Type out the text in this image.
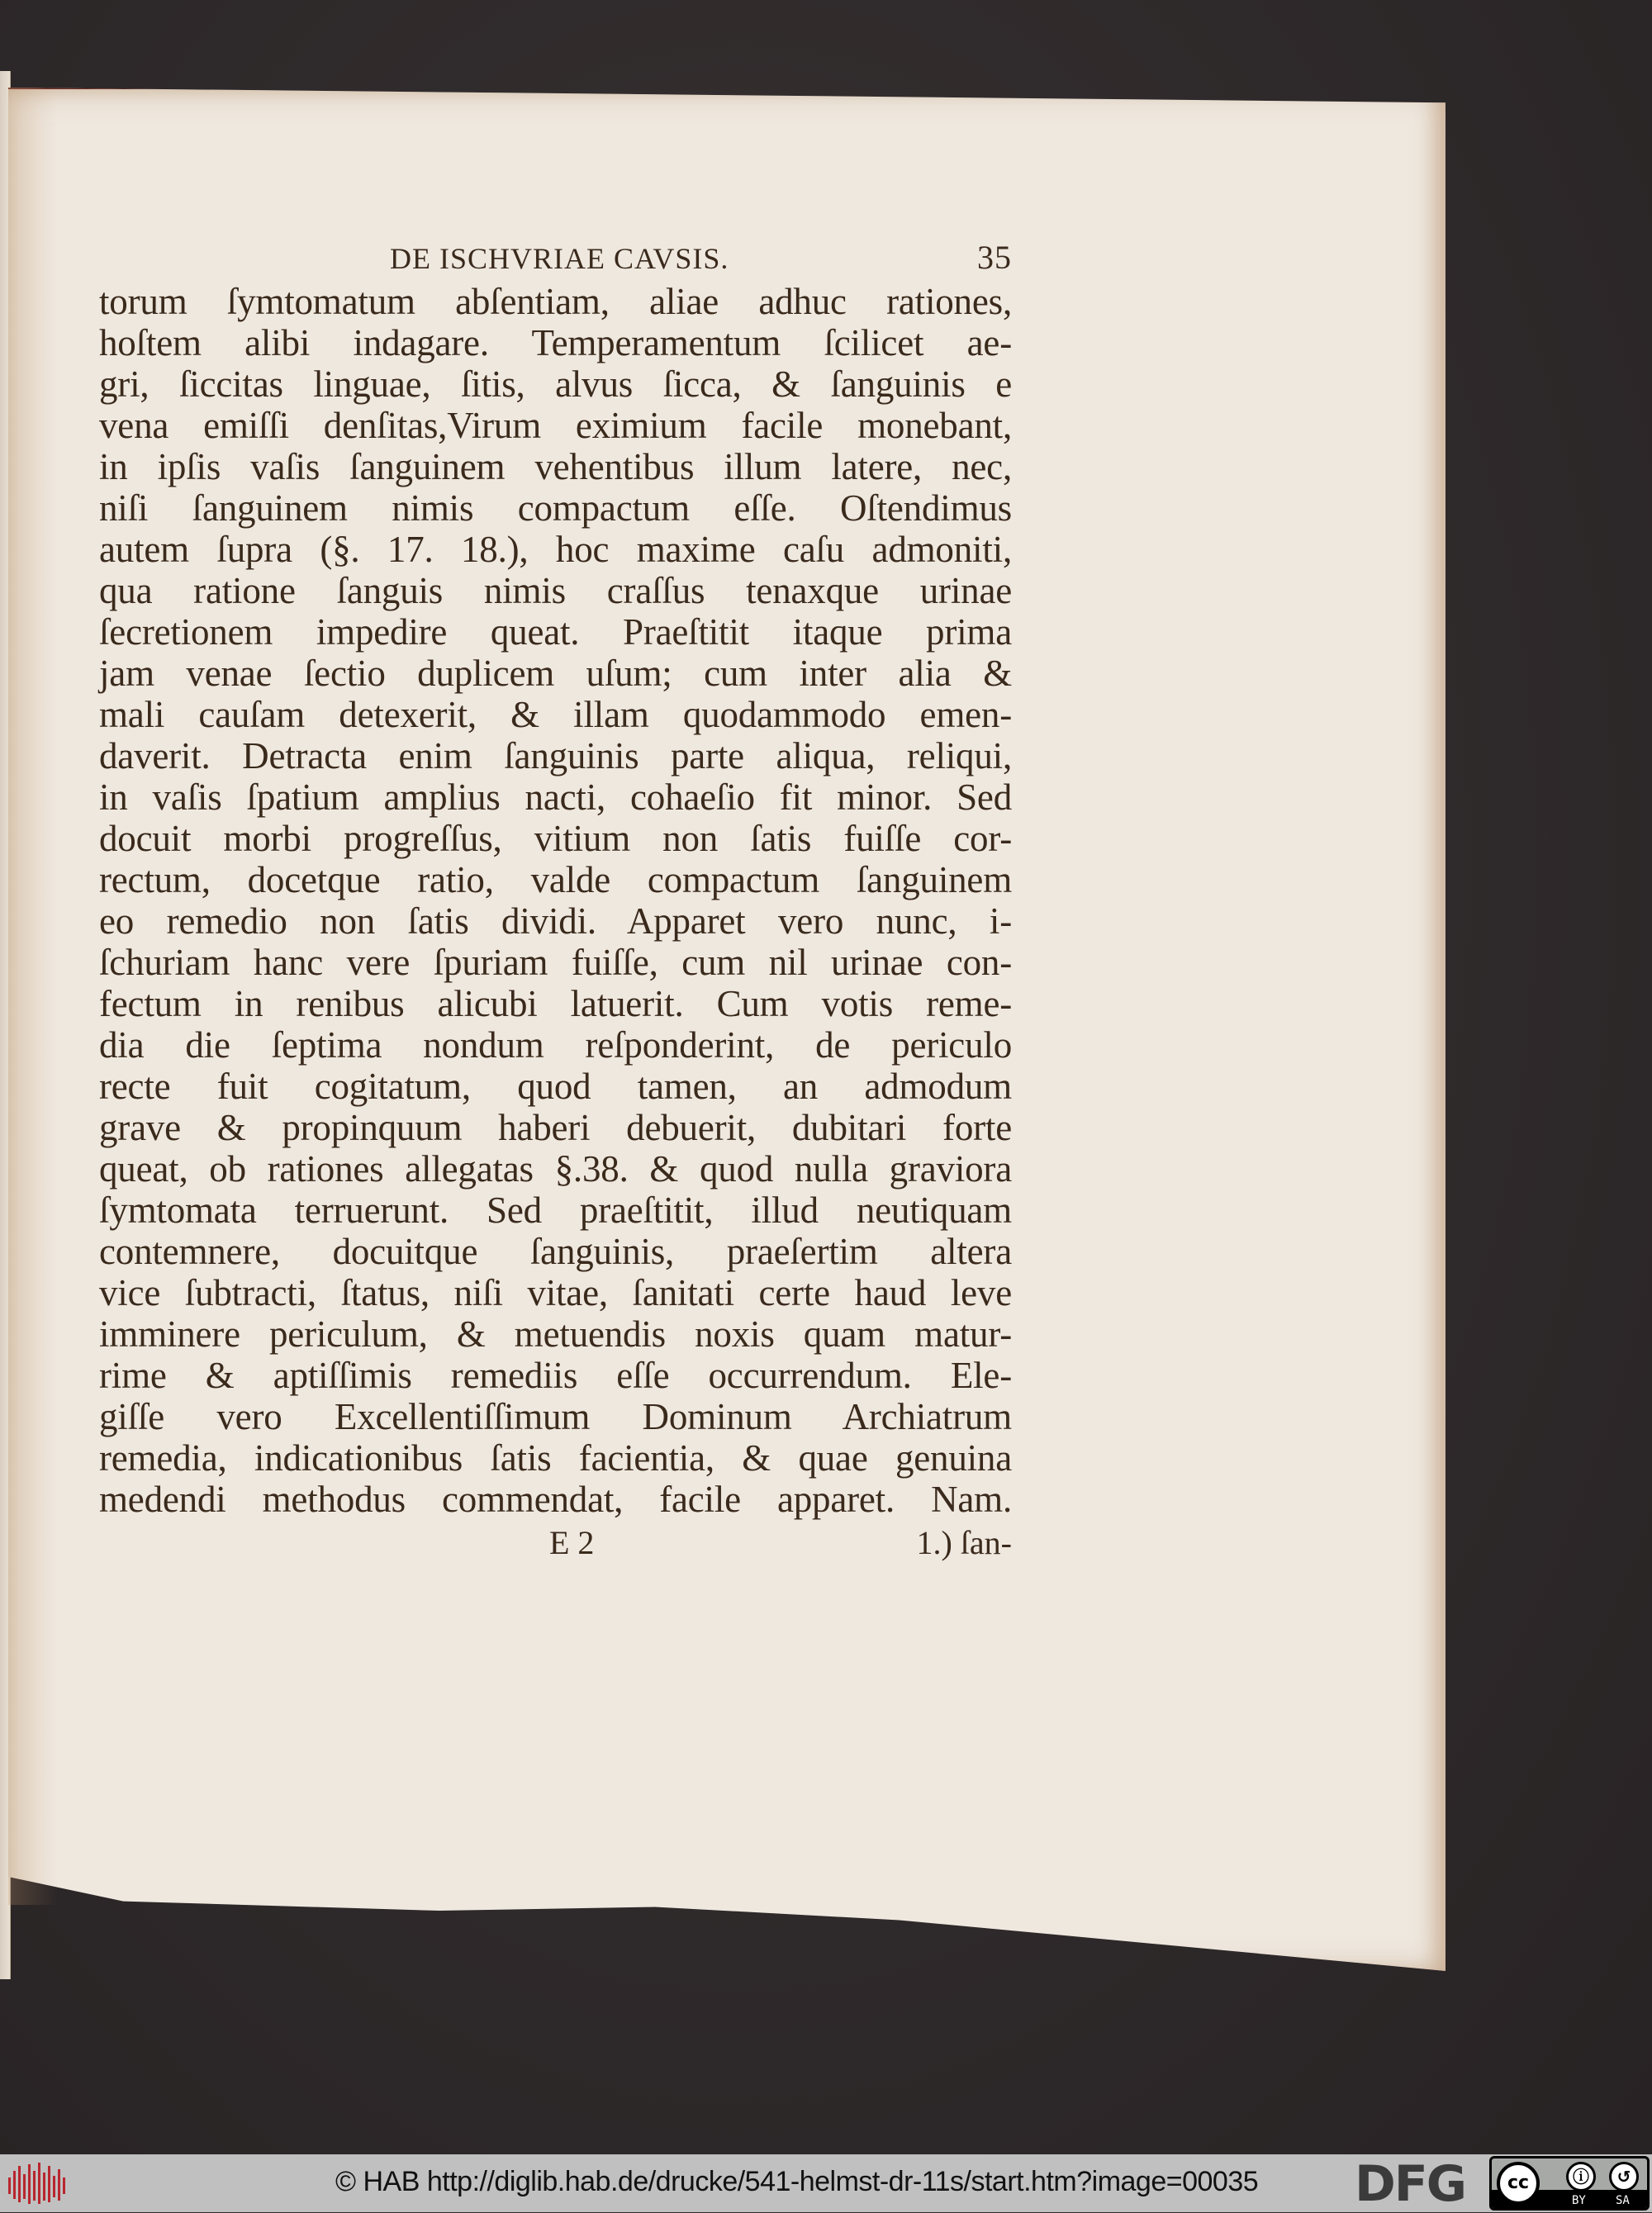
DE ISCHVRIAE CAVSIS.	35
torum ſymtomatum abſentiam, aliae adhuc rationes,
hoſtem alibi indagare. Temperamentum ſcilicet ae-
gri, ſiccitas linguae, ſitis, alvus ſicca, & ſanguinis e
vena emiſſi denſitas,Virum eximium facile monebant,
in ipſis vaſis ſanguinem vehentibus illum latere, nec,
niſi ſanguinem nimis compactum eſſe. Oſtendimus
autem ſupra (§. 17. 18.), hoc maxime caſu admoniti,
qua ratione ſanguis nimis craſſus tenaxque urinae
ſecretionem impedire queat. Praeſtitit itaque prima
jam venae ſectio duplicem uſum; cum inter alia &
mali cauſam detexerit, & illam quodammodo emen-
daverit. Detracta enim ſanguinis parte aliqua, reliqui,
in vaſis ſpatium amplius nacti, cohaeſio fit minor. Sed
docuit morbi progreſſus, vitium non ſatis fuiſſe cor-
rectum, docetque ratio, valde compactum ſanguinem
eo remedio non ſatis dividi. Apparet vero nunc, i-
ſchuriam hanc vere ſpuriam fuiſſe, cum nil urinae con-
fectum in renibus alicubi latuerit. Cum votis reme-
dia die ſeptima nondum reſponderint, de periculo
recte fuit cogitatum, quod tamen, an admodum
grave & propinquum haberi debuerit, dubitari forte
queat, ob rationes allegatas §.38. & quod nulla graviora
ſymtomata terruerunt. Sed praeſtitit, illud neutiquam
contemnere, docuitque ſanguinis, praeſertim altera
vice ſubtracti, ſtatus, niſi vitae, ſanitati certe haud leve
imminere periculum, & metuendis noxis quam matur-
rime & aptiſſimis remediis eſſe occurrendum. Ele-
giſſe vero Excellentiſſimum Dominum Archiatrum
remedia, indicationibus ſatis facientia, & quae genuina
medendi methodus commendat, facile apparet. Nam.
E 2	1.) ſan-
© HAB http://diglib.hab.de/drucke/541-helmst-dr-11s/start.htm?image=00035 DFG	cc	ⓘ	↺
BY	SA
